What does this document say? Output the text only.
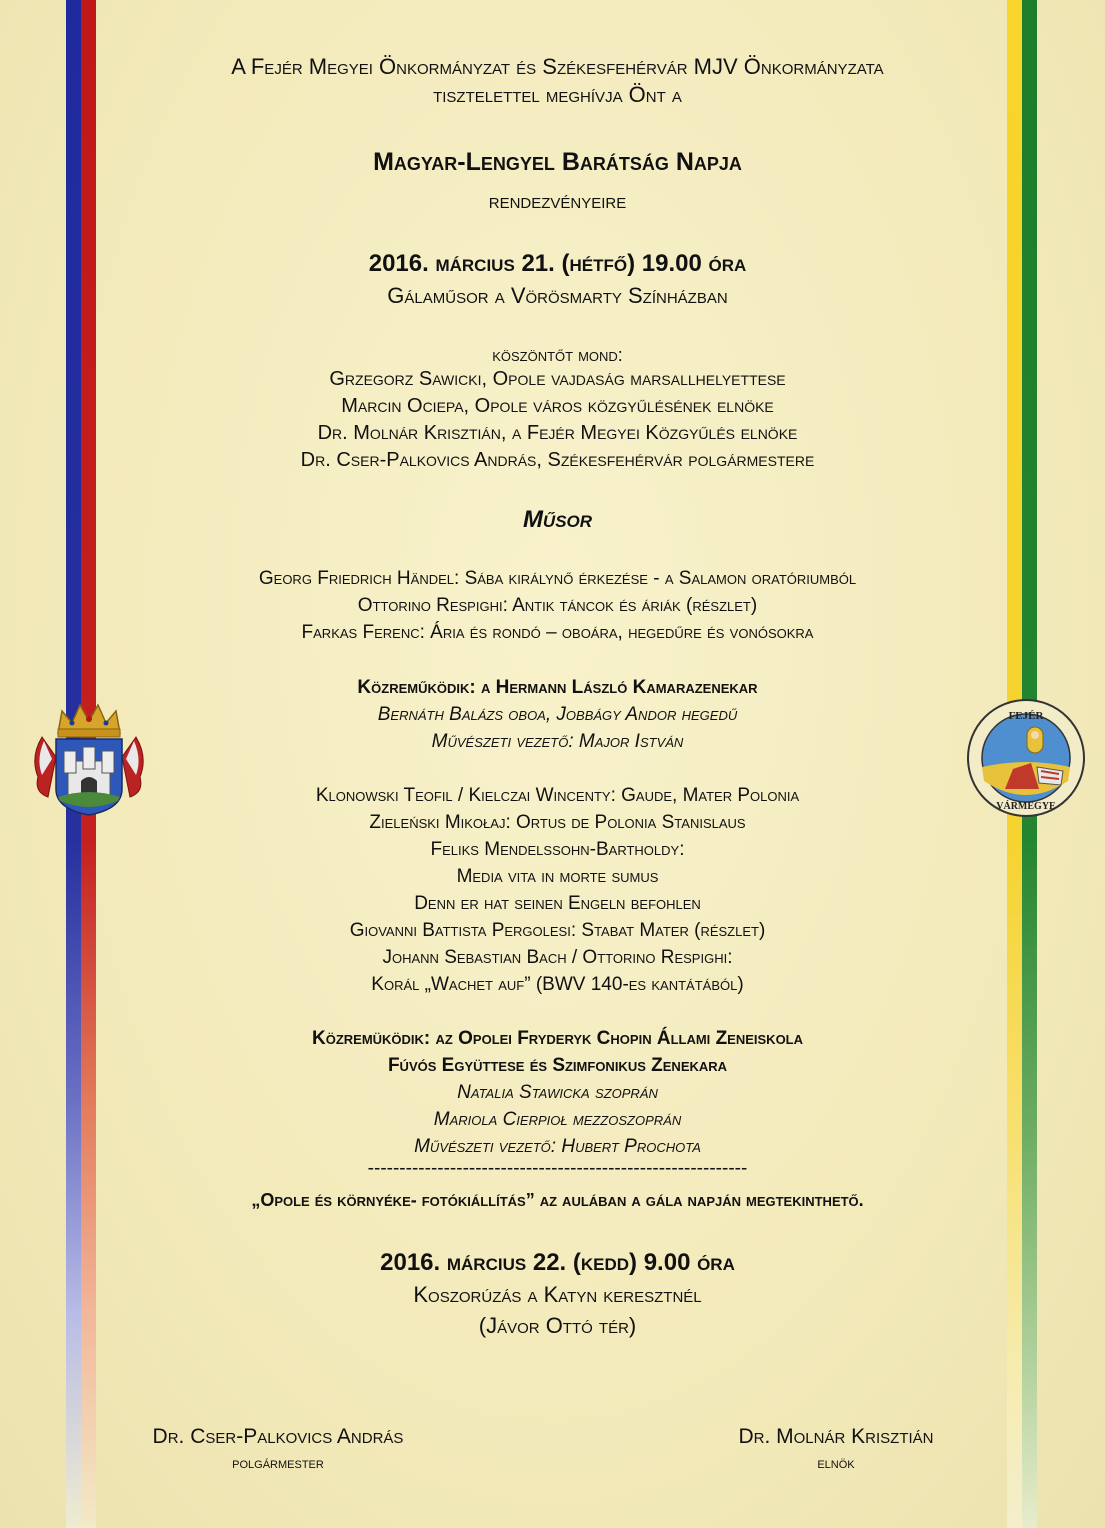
FEJÉR
VÁRMEGYE
A Fejér Megyei Önkormányzat és Székesfehérvár MJV Önkormányzata
tisztelettel meghívja Önt a
Magyar-Lengyel Barátság Napja
rendezvényeire
2016. március 21. (hétfő) 19.00 óra
Gálaműsor a Vörösmarty Színházban
köszöntőt mond:
Grzegorz Sawicki, Opole vajdaság marsallhelyettese
Marcin Ociepa, Opole város közgyűlésének elnöke
Dr. Molnár Krisztián, a Fejér Megyei Közgyűlés elnöke
Dr. Cser-Palkovics András, Székesfehérvár polgármestere
Műsor
Georg Friedrich Händel: Sába királynő érkezése - a Salamon oratóriumból
Ottorino Respighi: Antik táncok és áriák (részlet)
Farkas Ferenc: Ária és rondó – oboára, hegedűre és vonósokra
Közreműködik: a Hermann László Kamarazenekar
Bernáth Balázs oboa, Jobbágy Andor hegedű
Művészeti vezető: Major István
Klonowski Teofil / Kielczai Wincenty: Gaude, Mater Polonia
Zieleński Mikołaj: Ortus de Polonia Stanislaus
Feliks Mendelssohn-Bartholdy:
Media vita in morte sumus
Denn er hat seinen Engeln befohlen
Giovanni Battista Pergolesi: Stabat Mater (részlet)
Johann Sebastian Bach / Ottorino Respighi:
Korál „Wachet auf” (BWV 140-es kantátából)
Közremüködik: az Opolei Fryderyk Chopin Állami Zeneiskola
Fúvós Együttese és Szimfonikus Zenekara
Natalia Stawicka szoprán
Mariola Cierpioł mezzoszoprán
Művészeti vezető: Hubert Prochota
------------------------------------------------------------
„Opole és környéke- fotókiállítás” az aulában a gála napján megtekinthető.
2016. március 22. (kedd) 9.00 óra
Koszorúzás a Katyn keresztnél
(Jávor Ottó tér)
Dr. Cser-Palkovics András
polgármester
Dr. Molnár Krisztián
elnök
